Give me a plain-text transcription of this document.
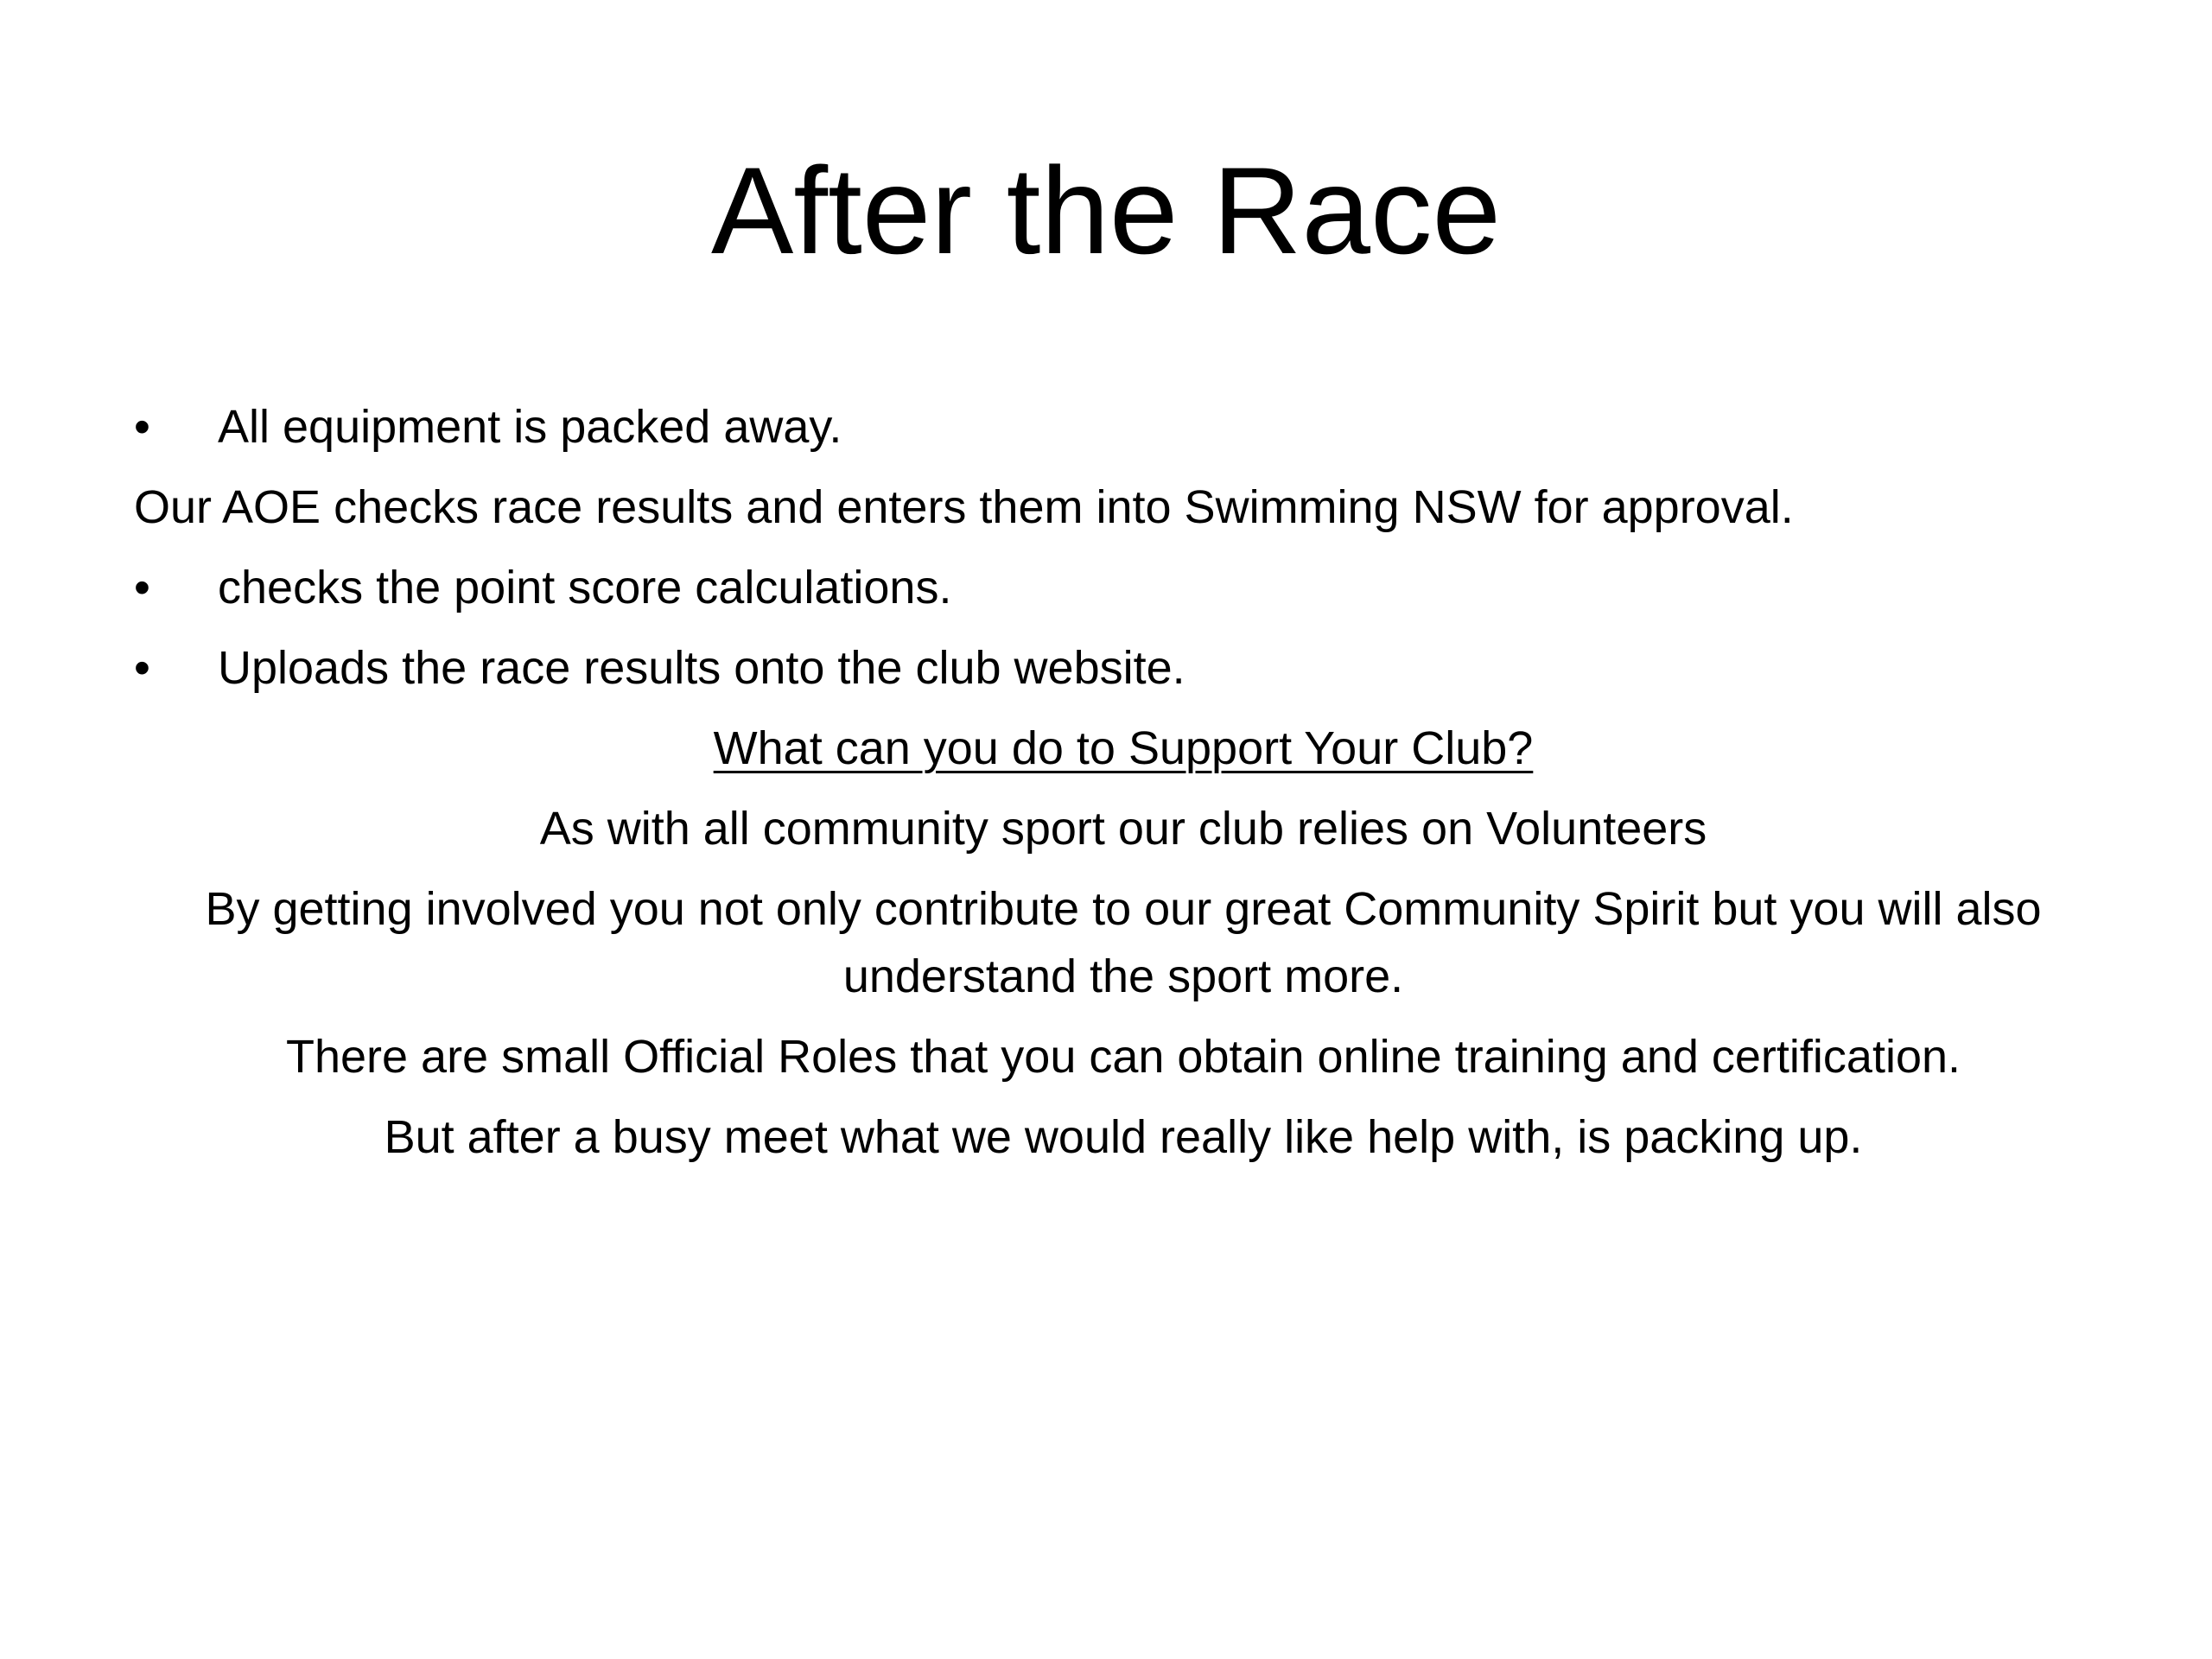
After the Race
•	All equipment is packed away.
Our AOE checks race results and enters them into Swimming NSW for approval.
•	checks the point score calculations.
•	Uploads the race results onto the club website.
What can you do to Support Your Club?
As with all community sport our club relies on Volunteers
By getting involved you not only contribute to our great Community Spirit but you will also understand the sport more.
There are small Official Roles that you can obtain online training and certification.
But after a busy meet what we would really like help with, is packing up.
